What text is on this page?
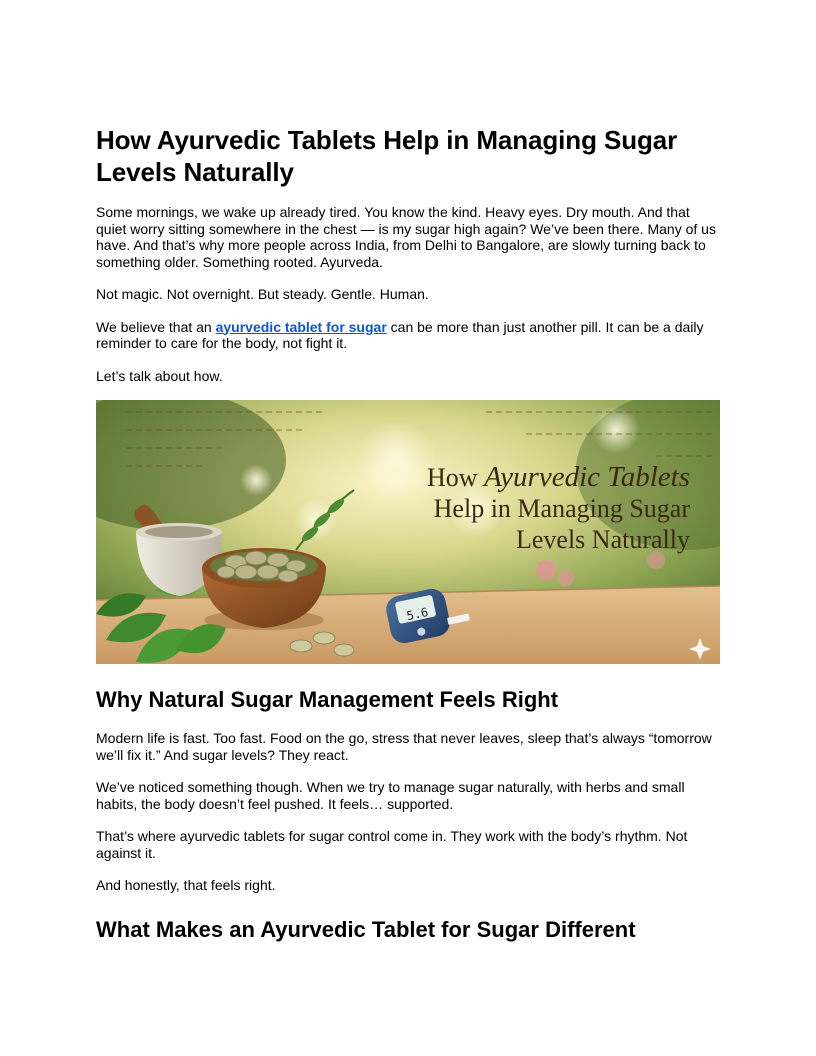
How Ayurvedic Tablets Help in Managing Sugar Levels Naturally

Some mornings, we wake up already tired. You know the kind. Heavy eyes. Dry mouth. And that quiet worry sitting somewhere in the chest — is my sugar high again? We’ve been there. Many of us have. And that’s why more people across India, from Delhi to Bangalore, are slowly turning back to something older. Something rooted. Ayurveda.

Not magic. Not overnight. But steady. Gentle. Human.

We believe that an ayurvedic tablet for sugar can be more than just another pill. It can be a daily reminder to care for the body, not fight it.

Let’s talk about how.

5.6
How Ayurvedic Tablets
Help in Managing Sugar
Levels Naturally
Why Natural Sugar Management Feels Right

Modern life is fast. Too fast. Food on the go, stress that never leaves, sleep that’s always “tomorrow we’ll fix it.” And sugar levels? They react.

We’ve noticed something though. When we try to manage sugar naturally, with herbs and small habits, the body doesn’t feel pushed. It feels… supported.

That’s where ayurvedic tablets for sugar control come in. They work with the body’s rhythm. Not against it.

And honestly, that feels right.

What Makes an Ayurvedic Tablet for Sugar Different
